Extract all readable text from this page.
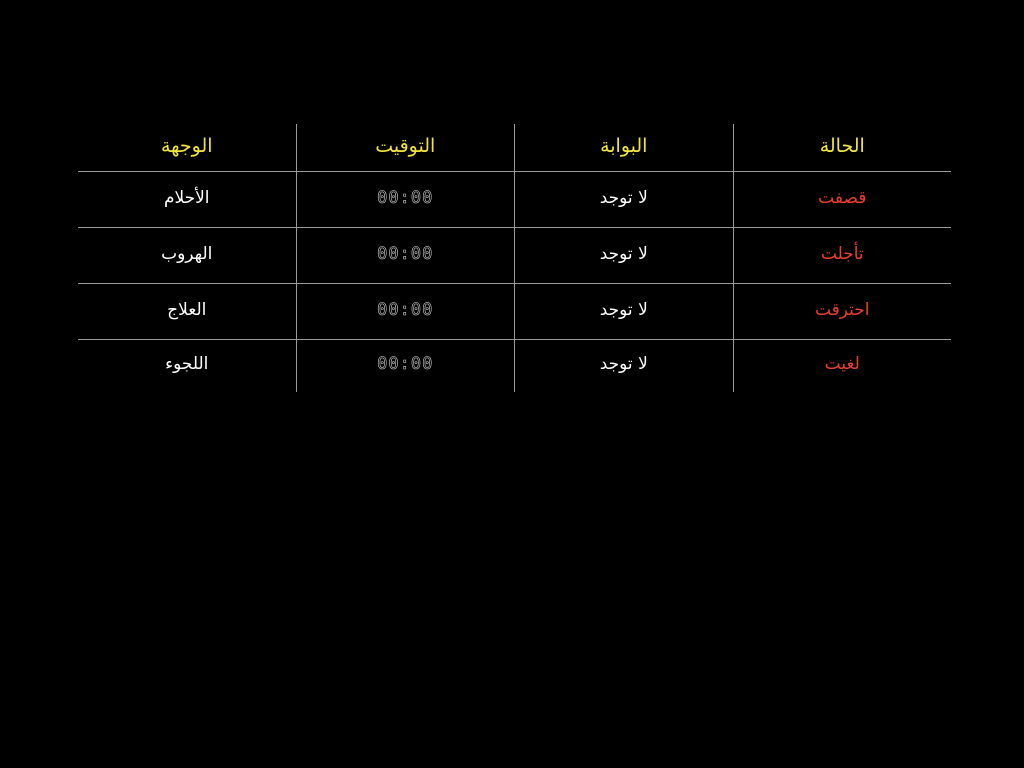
الوجهة	التوقيت	البوابة	الحالة
الأحلام	00:00	لا توجد	قصفت
الهروب	00:00	لا توجد	تأجلت
العلاج	00:00	لا توجد	احترقت
اللجوء	00:00	لا توجد	لغيت
